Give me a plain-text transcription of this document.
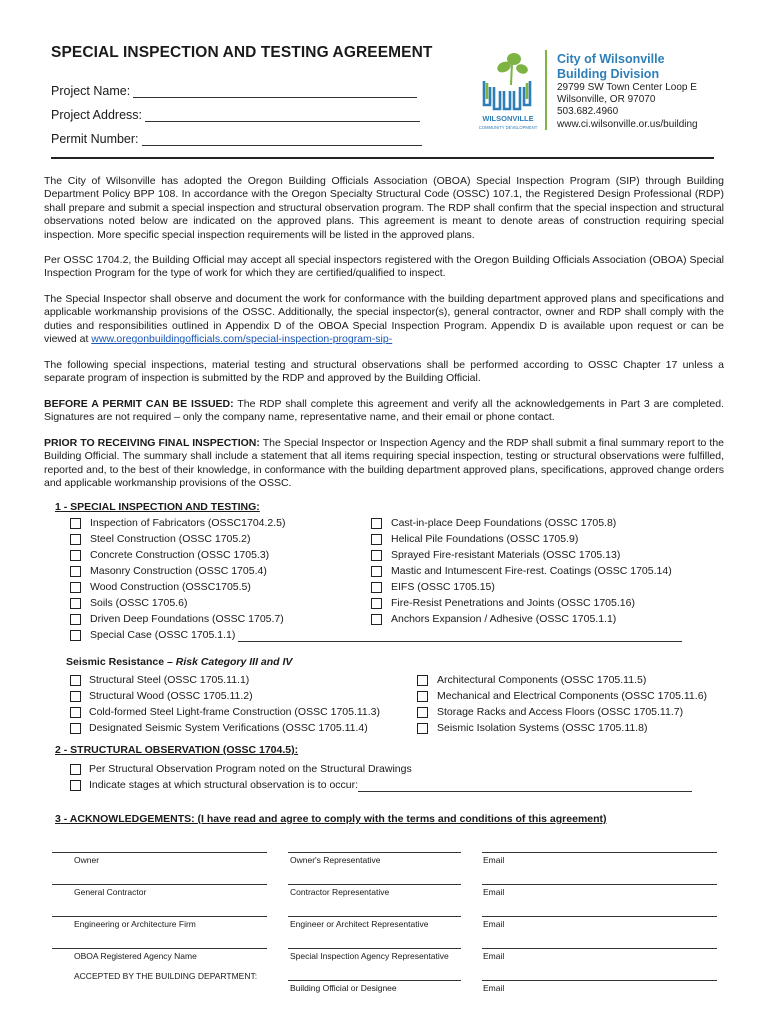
SPECIAL INSPECTION AND TESTING AGREEMENT
Project Name:
Project Address:
Permit Number:
WILSONVILLE
COMMUNITY DEVELOPMENT
City of Wilsonville
Building Division
29799 SW Town Center Loop E
Wilsonville, OR 97070
503.682.4960
www.ci.wilsonville.or.us/building
The City of Wilsonville has adopted the Oregon Building Officials Association (OBOA) Special Inspection Program (SIP) through Building Department Policy BPP 108. In accordance with the Oregon Specialty Structural Code (OSSC) 107.1, the Registered Design Professional (RDP) shall prepare and submit a special inspection and structural observation program. The RDP shall confirm that the special inspection and structural observations noted below are indicated on the approved plans. This agreement is meant to denote areas of construction requiring special inspection. More specific special inspection requirements will be listed in the approved plans.
Per OSSC 1704.2, the Building Official may accept all special inspectors registered with the Oregon Building Officials Association (OBOA) Special Inspection Program for the type of work for which they are certified/qualified to inspect.
The Special Inspector shall observe and document the work for conformance with the building department approved plans and specifications and applicable workmanship provisions of the OSSC. Additionally, the special inspector(s), general contractor, owner and RDP shall comply with the duties and responsibilities outlined in Appendix D of the OBOA Special Inspection Program. Appendix D is available upon request or can be viewed at www.oregonbuildingofficials.com/special-inspection-program-sip-
The following special inspections, material testing and structural observations shall be performed according to OSSC Chapter 17 unless a separate program of inspection is submitted by the RDP and approved by the Building Official.
BEFORE A PERMIT CAN BE ISSUED: The RDP shall complete this agreement and verify all the acknowledgements in Part 3 are completed. Signatures are not required – only the company name, representative name, and their email or phone contact.
PRIOR TO RECEIVING FINAL INSPECTION: The Special Inspector or Inspection Agency and the RDP shall submit a final summary report to the Building Official. The summary shall include a statement that all items requiring special inspection, testing or structural observations were fulfilled, reported and, to the best of their knowledge, in conformance with the building department approved plans, specifications, approved change orders and applicable workmanship provisions of the OSSC.
1 - SPECIAL INSPECTION AND TESTING:
Inspection of Fabricators (OSSC1704.2.5)
Steel Construction (OSSC 1705.2)
Concrete Construction (OSSC 1705.3)
Masonry Construction (OSSC 1705.4)
Wood Construction (OSSC1705.5)
Soils (OSSC 1705.6)
Driven Deep Foundations (OSSC 1705.7)
Special Case (OSSC 1705.1.1)
Cast-in-place Deep Foundations (OSSC 1705.8)
Helical Pile Foundations (OSSC 1705.9)
Sprayed Fire-resistant Materials (OSSC 1705.13)
Mastic and Intumescent Fire-rest. Coatings (OSSC 1705.14)
EIFS (OSSC 1705.15)
Fire-Resist Penetrations and Joints (OSSC 1705.16)
Anchors Expansion / Adhesive (OSSC 1705.1.1)
Seismic Resistance – Risk Category III and IV
Structural Steel (OSSC 1705.11.1)
Structural Wood (OSSC 1705.11.2)
Cold-formed Steel Light-frame Construction (OSSC 1705.11.3)
Designated Seismic System Verifications (OSSC 1705.11.4)
Architectural Components (OSSC 1705.11.5)
Mechanical and Electrical Components (OSSC 1705.11.6)
Storage Racks and Access Floors (OSSC 1705.11.7)
Seismic Isolation Systems (OSSC 1705.11.8)
2 - STRUCTURAL OBSERVATION (OSSC 1704.5):
Per Structural Observation Program noted on the Structural Drawings
Indicate stages at which structural observation is to occur:
3 - ACKNOWLEDGEMENTS: (I have read and agree to comply with the terms and conditions of this agreement)
Owner	Owner's Representative	Email
General Contractor	Contractor Representative	Email
Engineering or Architecture Firm	Engineer or Architect Representative	Email
OBOA Registered Agency Name	Special Inspection Agency Representative	Email
ACCEPTED BY THE BUILDING DEPARTMENT:
Building Official or Designee	Email
